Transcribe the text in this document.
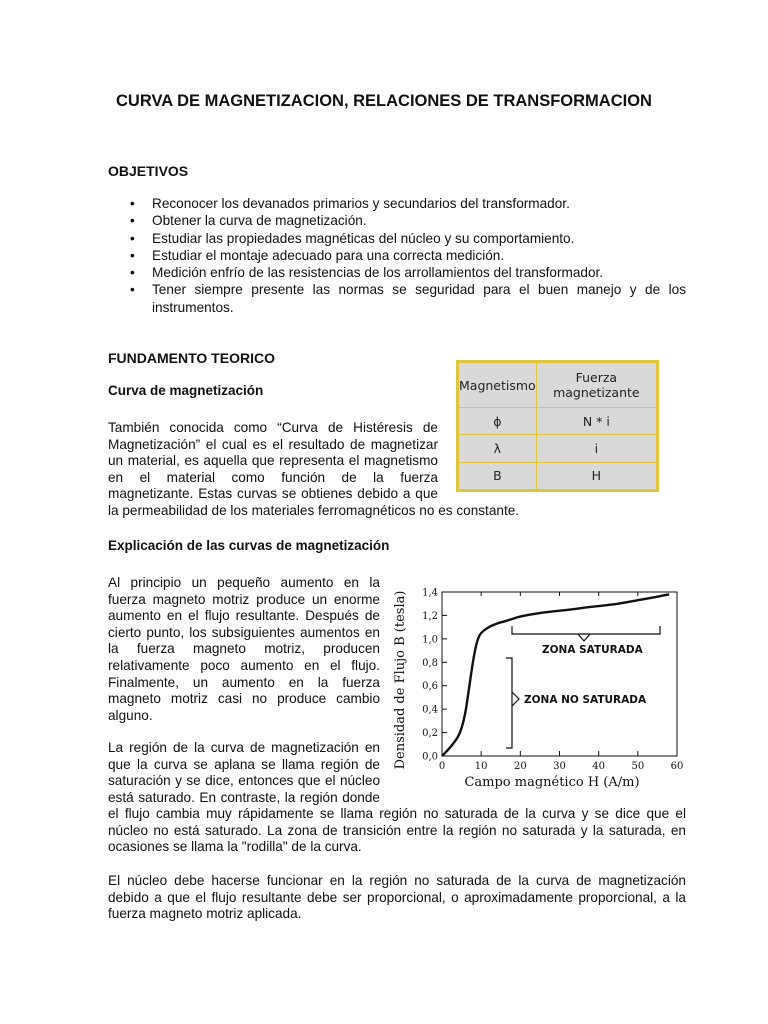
CURVA DE MAGNETIZACION, RELACIONES DE TRANSFORMACION
OBJETIVOS
• Reconocer los devanados primarios y secundarios del transformador.
• Obtener la curva de magnetización.
• Estudiar las propiedades magnéticas del núcleo y su comportamiento.
• Estudiar el montaje adecuado para una correcta medición.
• Medición enfrío de las resistencias de los arrollamientos del transformador.
• Tener siempre presente las normas se seguridad para el buen manejo y de los instrumentos.
FUNDAMENTO TEORICO
Curva de magnetización
También conocida como “Curva de Histéresis de
Magnetización” el cual es el resultado de magnetizar
un material, es aquella que representa el magnetismo
en el material como función de la fuerza
magnetizante. Estas curvas se obtienes debido a que
la permeabilidad de los materiales ferromagnéticos no es constante.
Magnetismo	Fuerza magnetizante
ϕ	N * i
λ	i
B	H
Explicación de las curvas de magnetización
Al principio un pequeño aumento en la
fuerza magneto motriz produce un enorme
aumento en el flujo resultante. Después de
cierto punto, los subsiguientes aumentos en
la fuerza magneto motriz, producen
relativamente poco aumento en el flujo.
Finalmente, un aumento en la fuerza
magneto motriz casi no produce cambio
alguno.
La región de la curva de magnetización en
que la curva se aplana se llama región de
saturación y se dice, entonces que el núcleo
está saturado. En contraste, la región donde
el flujo cambia muy rápidamente se llama región no saturada de la curva y se dice que el
núcleo no está saturado. La zona de transición entre la región no saturada y la saturada, en
ocasiones se llama la "rodilla" de la curva.
El núcleo debe hacerse funcionar en la región no saturada de la curva de magnetización
debido a que el flujo resultante debe ser proporcional, o aproximadamente proporcional, a la
fuerza magneto motriz aplicada.
0	10	20	30	40	50	60
0,0
0,2
0,4
0,6
0,8
1,0
1,2
1,4
ZONA SATURADA
ZONA NO SATURADA
Campo magnético H (A/m)
Densidad de Flujo B (tesla)
